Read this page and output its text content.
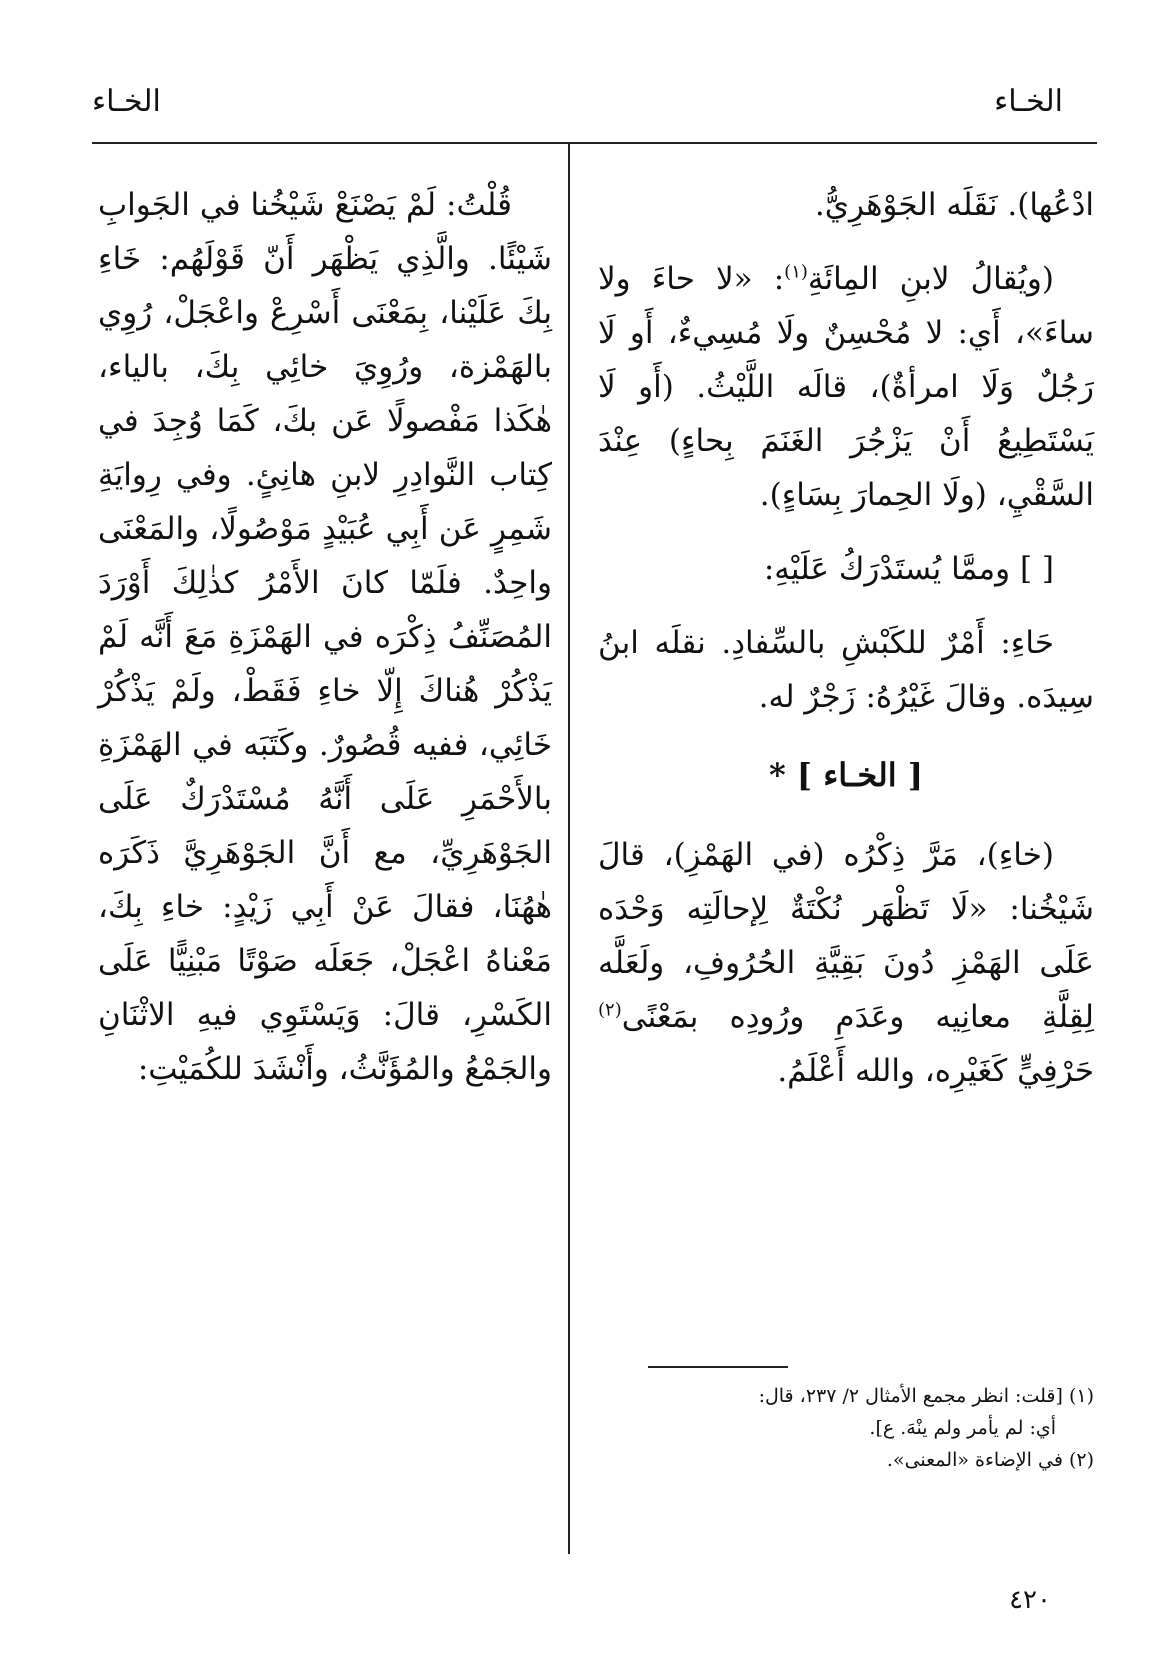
الخـاء	الخـاء

ادْعُها). نَقَلَه الجَوْهَرِيُّ.

(ويُقالُ لابنِ المِائَةِ$^{(١)}$: «لا حاءَ ولا ساءَ»، أَي: لا مُحْسِنٌ ولَا مُسِيءٌ، أَو لَا رَجُلٌ وَلَا امرأةٌ)، قالَه اللَّيْثُ. (أَو لَا يَسْتَطِيعُ أَنْ يَزْجُرَ الغَنَمَ بِحاءٍ) عِنْدَ السَّقْيِ، (ولَا الحِمارَ بِسَاءٍ).

[ ] وممَّا يُستَدْرَكُ عَلَيْهِ:

حَاءِ: أَمْرٌ للكَبْشِ بالسِّفادِ. نقلَه ابنُ سِيدَه. وقالَ غَيْرُهُ: زَجْرٌ له.

[ الخـاء ] *

(خاءِ)، مَرَّ ذِكْرُه (في الهَمْزِ)، قالَ شَيْخُنا: «لَا تَظْهَر نُكْتَةٌ لِإحالَتِه وَحْدَه عَلَى الهَمْزِ دُونَ بَقِيَّةِ الحُرُوفِ، ولَعَلَّه لِقِلَّةِ معانِيه وعَدَمِ ورُودِه بمَعْنًى$^{(٢)}$ حَرْفِيٍّ كَغَيْرِه، والله أَعْلَمُ.

قُلْتُ: لَمْ يَصْنَعْ شَيْخُنا في الجَوابِ شَيْئًا. والَّذِي يَظْهَر أَنّ قَوْلَهُم: خَاءِ بِكَ عَلَيْنا، بِمَعْنَى أَسْرِعْ واعْجَلْ، رُوِي بالهَمْزة، ورُوِيَ خائِي بِكَ، بالياء، هٰكَذا مَفْصولًا عَن بكَ، كَمَا وُجِدَ في كِتاب النَّوادِرِ لابنِ هانِئٍ. وفي رِوايَةِ شَمِرٍ عَن أَبِي عُبَيْدٍ مَوْصُولًا، والمَعْنَى واحِدٌ. فلَمّا كانَ الأَمْرُ كذٰلِكَ أَوْرَدَ المُصَنِّفُ ذِكْرَه في الهَمْزَةِ مَعَ أَنَّه لَمْ يَذْكُرْ هُناكَ إِلّا خاءِ فَقَطْ، ولَمْ يَذْكُرْ خَائِي، ففيه قُصُورٌ. وكَتَبَه في الهَمْزَةِ بالأَحْمَرِ عَلَى أَنَّهُ مُسْتَدْرَكٌ عَلَى الجَوْهَرِيِّ، مع أَنَّ الجَوْهَرِيَّ ذَكَرَه هٰهُنَا، فقالَ عَنْ أَبِي زَيْدٍ: خاءِ بِكَ، مَعْناهُ اعْجَلْ، جَعَلَه صَوْتًا مَبْنِيًّا عَلَى الكَسْرِ، قالَ: وَيَسْتَوِي فيهِ الاثْنَانِ والجَمْعُ والمُؤَنَّثُ، وأَنْشَدَ للكُمَيْتِ:

(١) [قلت: انظر مجمع الأمثال ٢/ ٢٣٧، قال:

أي: لم يأمر ولم ينْهَ. ع].

(٢) في الإضاءة «المعنى».

٤٢٠
